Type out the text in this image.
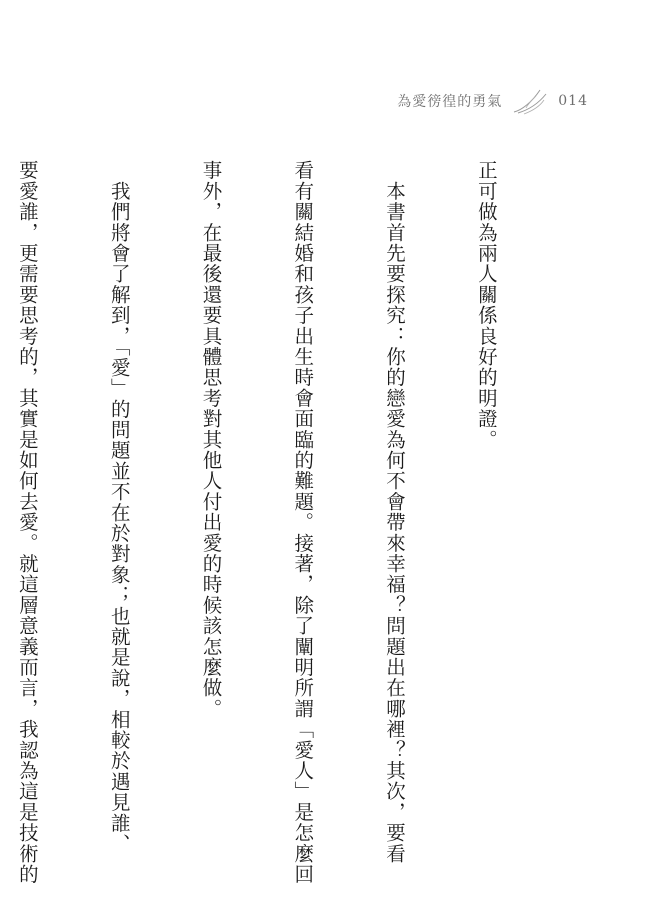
為愛徬徨的勇氣	014

正可做為兩人關係良好的明證。

　本書首先要探究：你的戀愛為何不會帶來幸福？問題出在哪裡？其次，要看

看有關結婚和孩子出生時會面臨的難題。接著，除了闡明所謂「愛人」是怎麼回

事外，在最後還要具體思考對其他人付出愛的時候該怎麼做。

　我們將會了解到，「愛」的問題並不在於對象；也就是說，相較於遇見誰、

要愛誰，更需要思考的，其實是如何去愛。就這層意義而言，我認為這是技術的
